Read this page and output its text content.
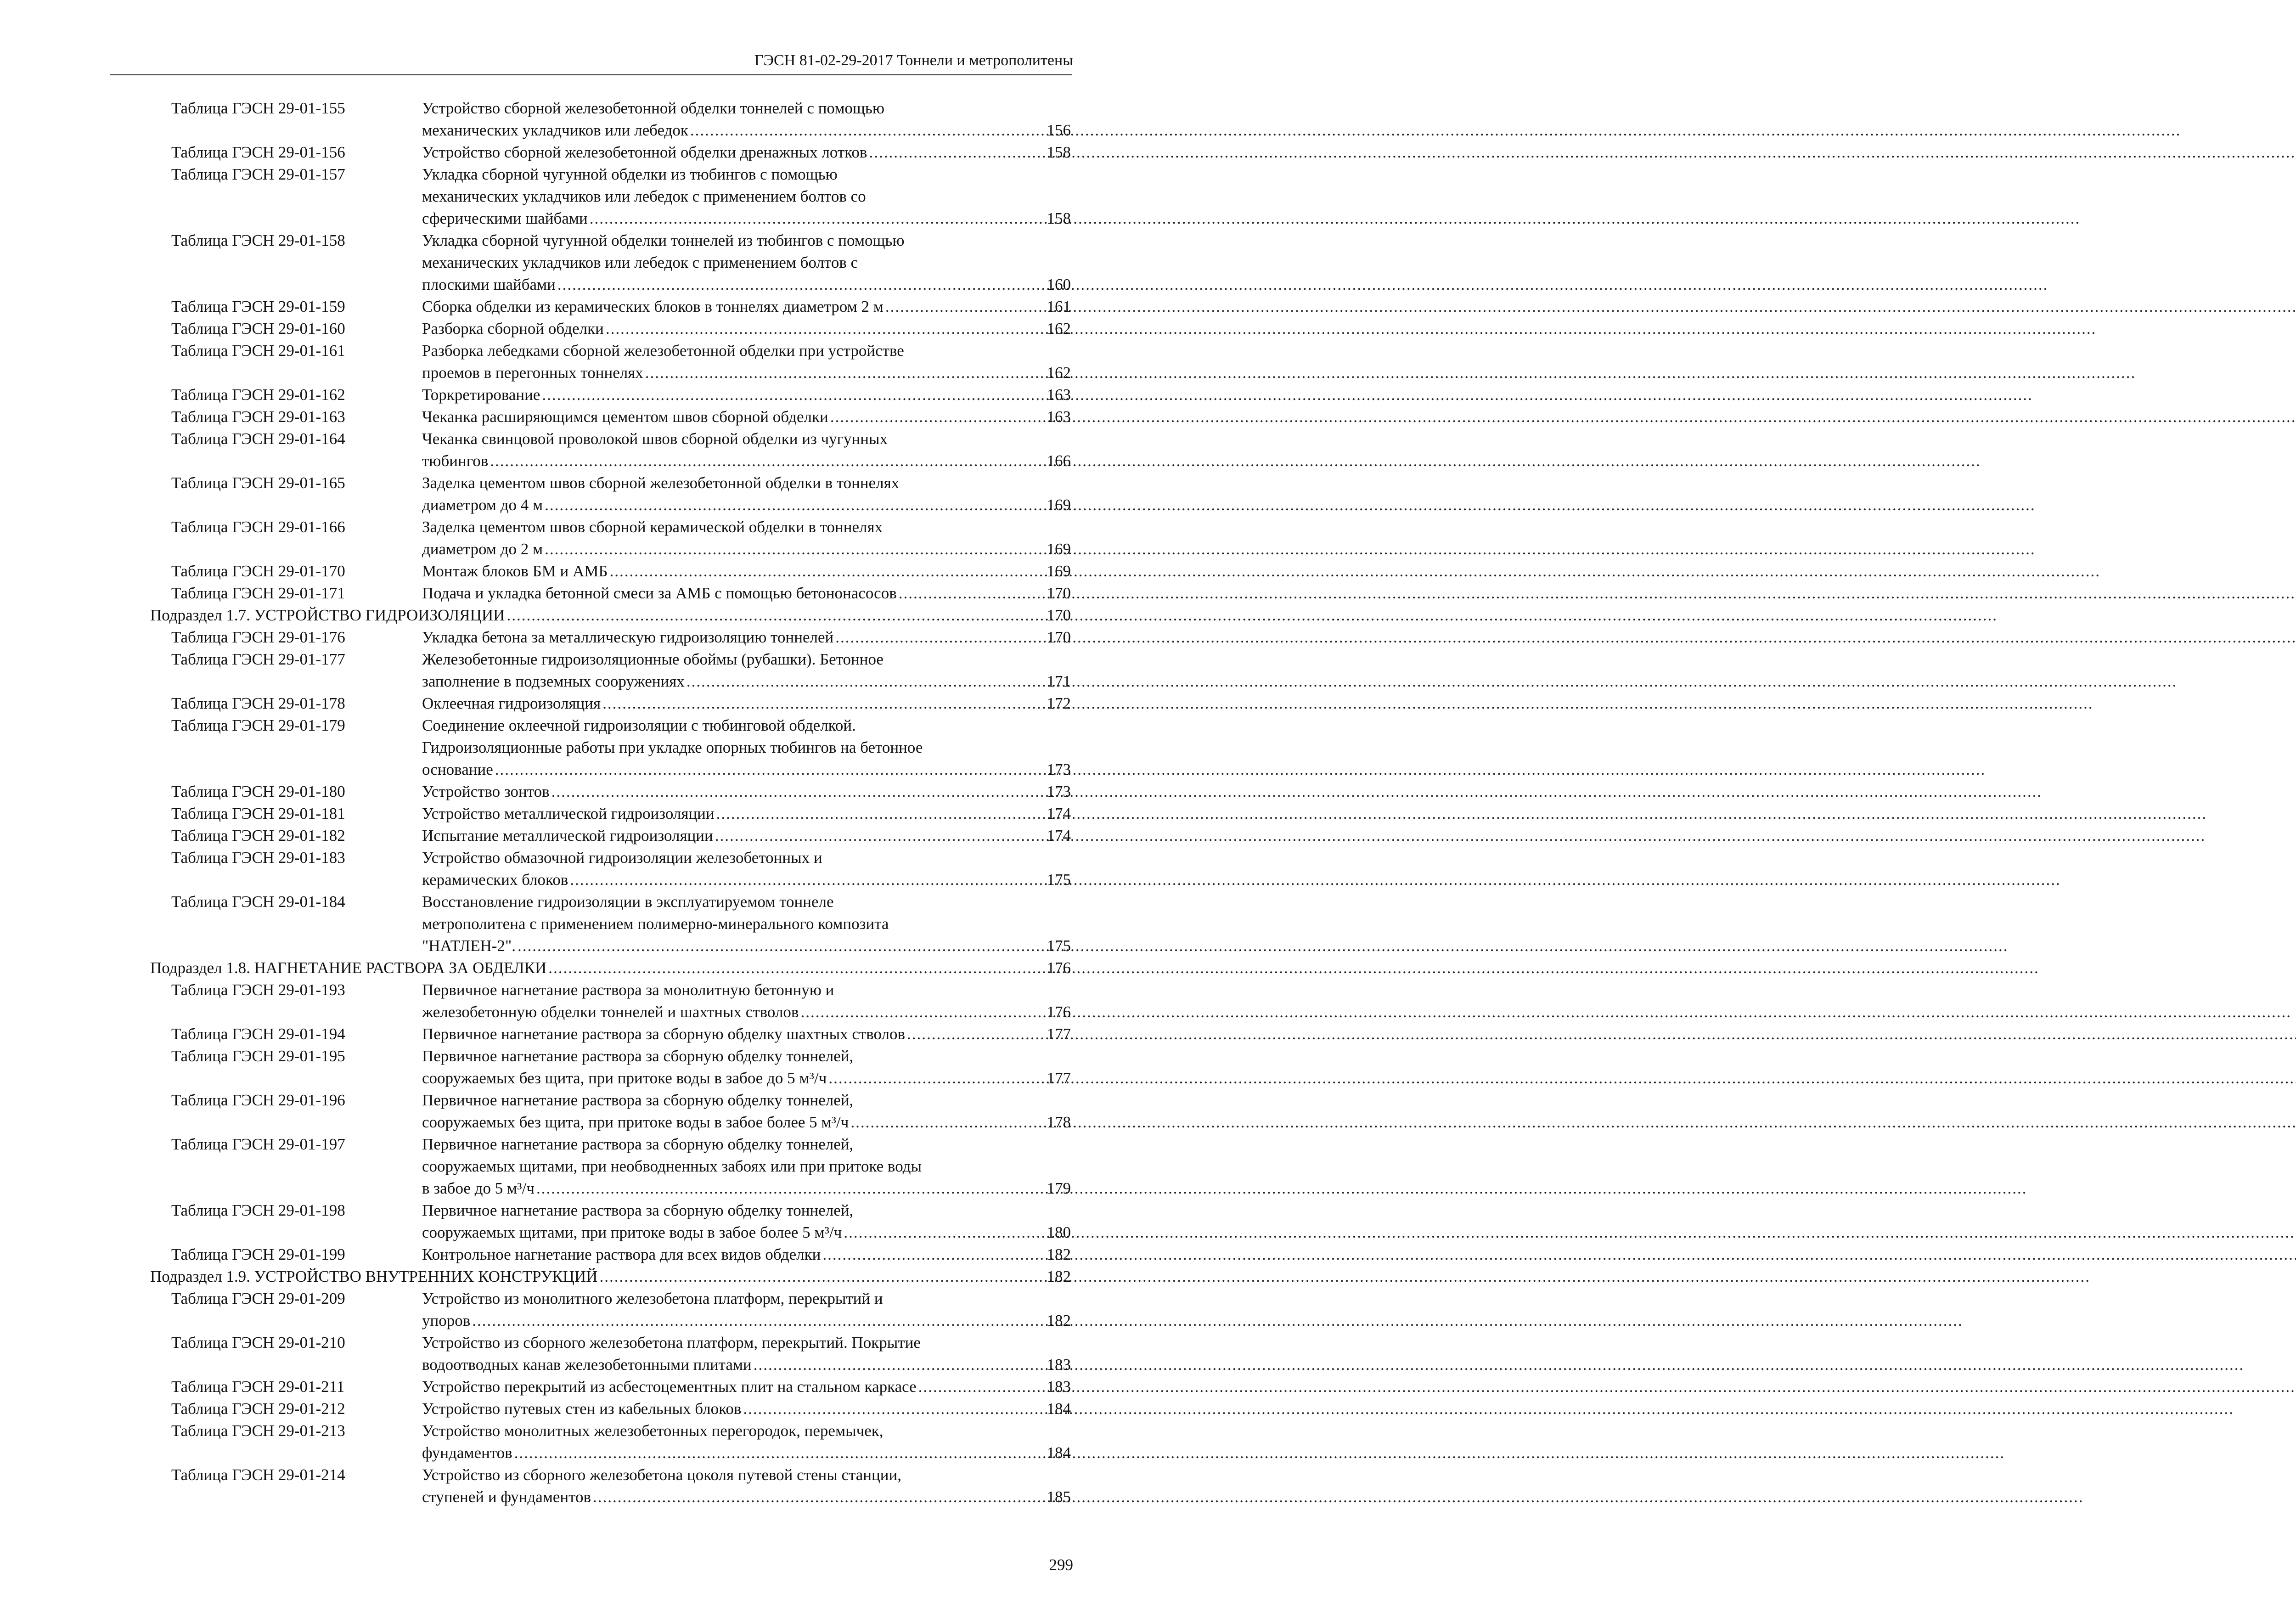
ГЭСН 81-02-29-2017 Тоннели и метрополитены
Таблица ГЭСН 29-01-155	Устройство сборной железобетонной обделки тоннелей с помощью
механических укладчиков или лебедок .....	156
Таблица ГЭСН 29-01-156	Устройство сборной железобетонной обделки дренажных лотков .....	158
Таблица ГЭСН 29-01-157	Укладка сборной чугунной обделки из тюбингов с помощью
механических укладчиков или лебедок с применением болтов со
сферическими шайбами .....	158
Таблица ГЭСН 29-01-158	Укладка сборной чугунной обделки тоннелей из тюбингов с помощью
механических укладчиков или лебедок с применением болтов с
плоскими шайбами .....	160
Таблица ГЭСН 29-01-159	Сборка обделки из керамических блоков в тоннелях диаметром 2 м .....	161
Таблица ГЭСН 29-01-160	Разборка сборной обделки .....	162
Таблица ГЭСН 29-01-161	Разборка лебедками сборной железобетонной обделки при устройстве
проемов в перегонных тоннелях .....	162
Таблица ГЭСН 29-01-162	Торкретирование .....	163
Таблица ГЭСН 29-01-163	Чеканка расширяющимся цементом швов сборной обделки .....	163
Таблица ГЭСН 29-01-164	Чеканка свинцовой проволокой швов сборной обделки из чугунных
тюбингов .....	166
Таблица ГЭСН 29-01-165	Заделка цементом швов сборной железобетонной обделки в тоннелях
диаметром до 4 м .....	169
Таблица ГЭСН 29-01-166	Заделка цементом швов сборной керамической обделки в тоннелях
диаметром до 2 м .....	169
Таблица ГЭСН 29-01-170	Монтаж блоков БМ и АМБ .....	169
Таблица ГЭСН 29-01-171	Подача и укладка бетонной смеси за АМБ с помощью бетононасосов .....	170
Подраздел 1.7. УСТРОЙСТВО ГИДРОИЗОЛЯЦИИ .....	170
Таблица ГЭСН 29-01-176	Укладка бетона за металлическую гидроизоляцию тоннелей .....	170
Таблица ГЭСН 29-01-177	Железобетонные гидроизоляционные обоймы (рубашки). Бетонное
заполнение в подземных сооружениях .....	171
Таблица ГЭСН 29-01-178	Оклеечная гидроизоляция .....	172
Таблица ГЭСН 29-01-179	Соединение оклеечной гидроизоляции с тюбинговой обделкой.
Гидроизоляционные работы при укладке опорных тюбингов на бетонное
основание .....	173
Таблица ГЭСН 29-01-180	Устройство зонтов .....	173
Таблица ГЭСН 29-01-181	Устройство металлической гидроизоляции .....	174
Таблица ГЭСН 29-01-182	Испытание металлической гидроизоляции .....	174
Таблица ГЭСН 29-01-183	Устройство обмазочной гидроизоляции железобетонных и
керамических блоков .....	175
Таблица ГЭСН 29-01-184	Восстановление гидроизоляции в эксплуатируемом тоннеле
метрополитена с применением полимерно-минерального композита
"НАТЛЕН-2". .....	175
Подраздел 1.8. НАГНЕТАНИЕ РАСТВОРА ЗА ОБДЕЛКИ .....	176
Таблица ГЭСН 29-01-193	Первичное нагнетание раствора за монолитную бетонную и
железобетонную обделки тоннелей и шахтных стволов .....	176
Таблица ГЭСН 29-01-194	Первичное нагнетание раствора за сборную обделку шахтных стволов .....	177
Таблица ГЭСН 29-01-195	Первичное нагнетание раствора за сборную обделку тоннелей,
сооружаемых без щита, при притоке воды в забое до 5 м³/ч .....	177
Таблица ГЭСН 29-01-196	Первичное нагнетание раствора за сборную обделку тоннелей,
сооружаемых без щита, при притоке воды в забое более 5 м³/ч .....	178
Таблица ГЭСН 29-01-197	Первичное нагнетание раствора за сборную обделку тоннелей,
сооружаемых щитами, при необводненных забоях или при притоке воды
в забое до 5 м³/ч .....	179
Таблица ГЭСН 29-01-198	Первичное нагнетание раствора за сборную обделку тоннелей,
сооружаемых щитами, при притоке воды в забое более 5 м³/ч .....	180
Таблица ГЭСН 29-01-199	Контрольное нагнетание раствора для всех видов обделки .....	182
Подраздел 1.9. УСТРОЙСТВО ВНУТРЕННИХ КОНСТРУКЦИЙ .....	182
Таблица ГЭСН 29-01-209	Устройство из монолитного железобетона платформ, перекрытий и
упоров .....	182
Таблица ГЭСН 29-01-210	Устройство из сборного железобетона платформ, перекрытий. Покрытие
водоотводных канав железобетонными плитами .....	183
Таблица ГЭСН 29-01-211	Устройство перекрытий из асбестоцементных плит на стальном каркасе .....	183
Таблица ГЭСН 29-01-212	Устройство путевых стен из кабельных блоков .....	184
Таблица ГЭСН 29-01-213	Устройство монолитных железобетонных перегородок, перемычек,
фундаментов .....	184
Таблица ГЭСН 29-01-214	Устройство из сборного железобетона цоколя путевой стены станции,
ступеней и фундаментов .....	185
299
